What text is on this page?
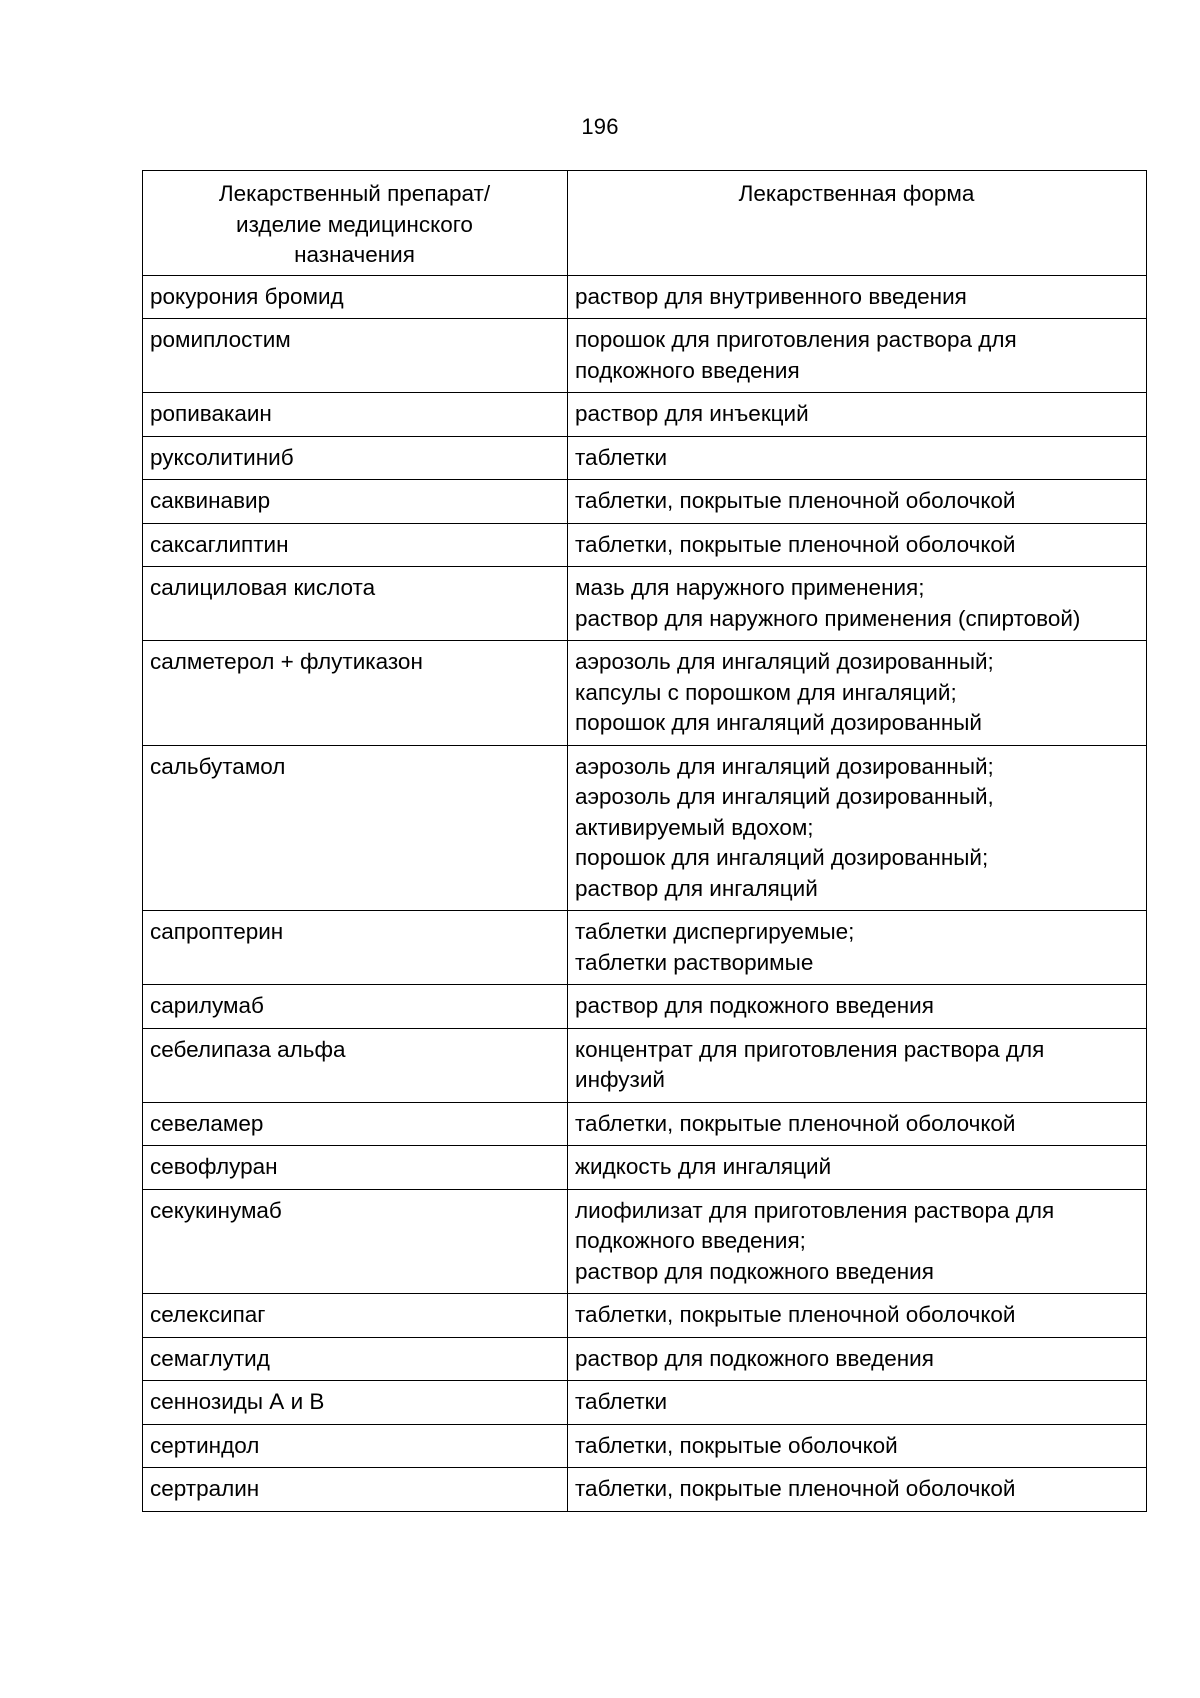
196
Лекарственный препарат/
изделие медицинского
назначения	Лекарственная форма
рокурония бромид	раствор для внутривенного введения
ромиплостим	порошок для приготовления раствора для подкожного введения
ропивакаин	раствор для инъекций
руксолитиниб	таблетки
саквинавир	таблетки, покрытые пленочной оболочкой
саксаглиптин	таблетки, покрытые пленочной оболочкой
салициловая кислота	мазь для наружного применения;
раствор для наружного применения (спиртовой)
салметерол + флутиказон	аэрозоль для ингаляций дозированный;
капсулы с порошком для ингаляций;
порошок для ингаляций дозированный
сальбутамол	аэрозоль для ингаляций дозированный;
аэрозоль для ингаляций дозированный, активируемый вдохом;
порошок для ингаляций дозированный;
раствор для ингаляций
сапроптерин	таблетки диспергируемые;
таблетки растворимые
сарилумаб	раствор для подкожного введения
себелипаза альфа	концентрат для приготовления раствора для инфузий
севеламер	таблетки, покрытые пленочной оболочкой
севофлуран	жидкость для ингаляций
секукинумаб	лиофилизат для приготовления раствора для подкожного введения;
раствор для подкожного введения
селексипаг	таблетки, покрытые пленочной оболочкой
семаглутид	раствор для подкожного введения
сеннозиды А и В	таблетки
сертиндол	таблетки, покрытые оболочкой
сертралин	таблетки, покрытые пленочной оболочкой
